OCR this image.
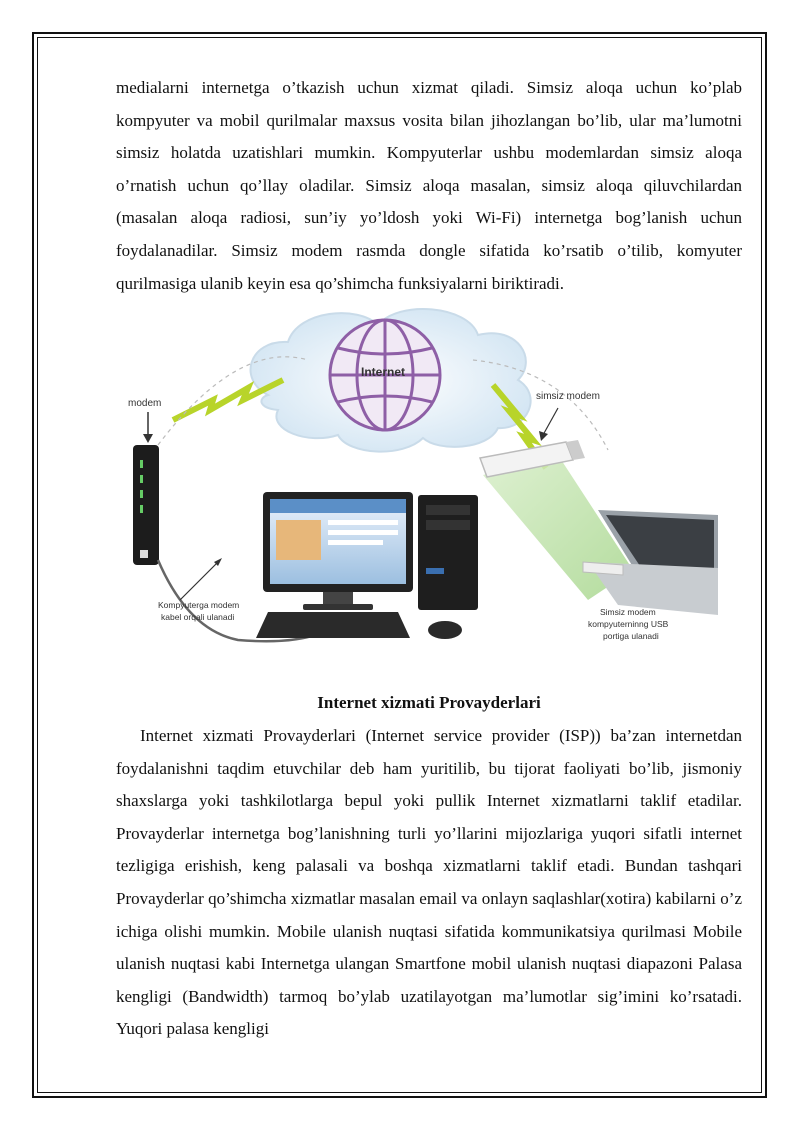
medialarni internetga o’tkazish uchun xizmat qiladi. Simsiz aloqa uchun ko’plab kompyuter va mobil qurilmalar maxsus vosita bilan jihozlangan bo’lib, ular ma’lumotni simsiz holatda uzatishlari mumkin. Kompyuterlar ushbu modemlardan simsiz aloqa o’rnatish uchun qo’llay oladilar. Simsiz aloqa masalan, simsiz aloqa qiluvchilardan (masalan aloqa radiosi, sun’iy yo’ldosh yoki Wi-Fi) internetga bog’lanish uchun foydalanadilar. Simsiz modem rasmda dongle sifatida ko’rsatib o’tilib, komyuter qurilmasiga ulanib keyin esa qo’shimcha funksiyalarni biriktiradi.

Internet
modem
simsiz modem
Kompyuterga modem
kabel orqali ulanadi	Simsiz modem
kompyuterninng USB
portiga ulanadi
Internet xizmati Provayderlari

Internet xizmati Provayderlari (Internet service provider (ISP)) ba’zan internetdan foydalanishni taqdim etuvchilar deb ham yuritilib, bu tijorat faoliyati bo’lib, jismoniy shaxslarga yoki tashkilotlarga bepul yoki pullik Internet xizmatlarni taklif etadilar. Provayderlar internetga bog’lanishning turli yo’llarini mijozlariga yuqori sifatli internet tezligiga erishish, keng palasali va boshqa xizmatlarni taklif etadi. Bundan tashqari Provayderlar qo’shimcha xizmatlar masalan email va onlayn saqlashlar(xotira) kabilarni o’z ichiga olishi mumkin. Mobile ulanish nuqtasi sifatida kommunikatsiya qurilmasi Mobile ulanish nuqtasi kabi Internetga ulangan Smartfone mobil ulanish nuqtasi diapazoni Palasa kengligi (Bandwidth) tarmoq bo’ylab uzatilayotgan ma’lumotlar sig’imini ko’rsatadi. Yuqori palasa kengligi
